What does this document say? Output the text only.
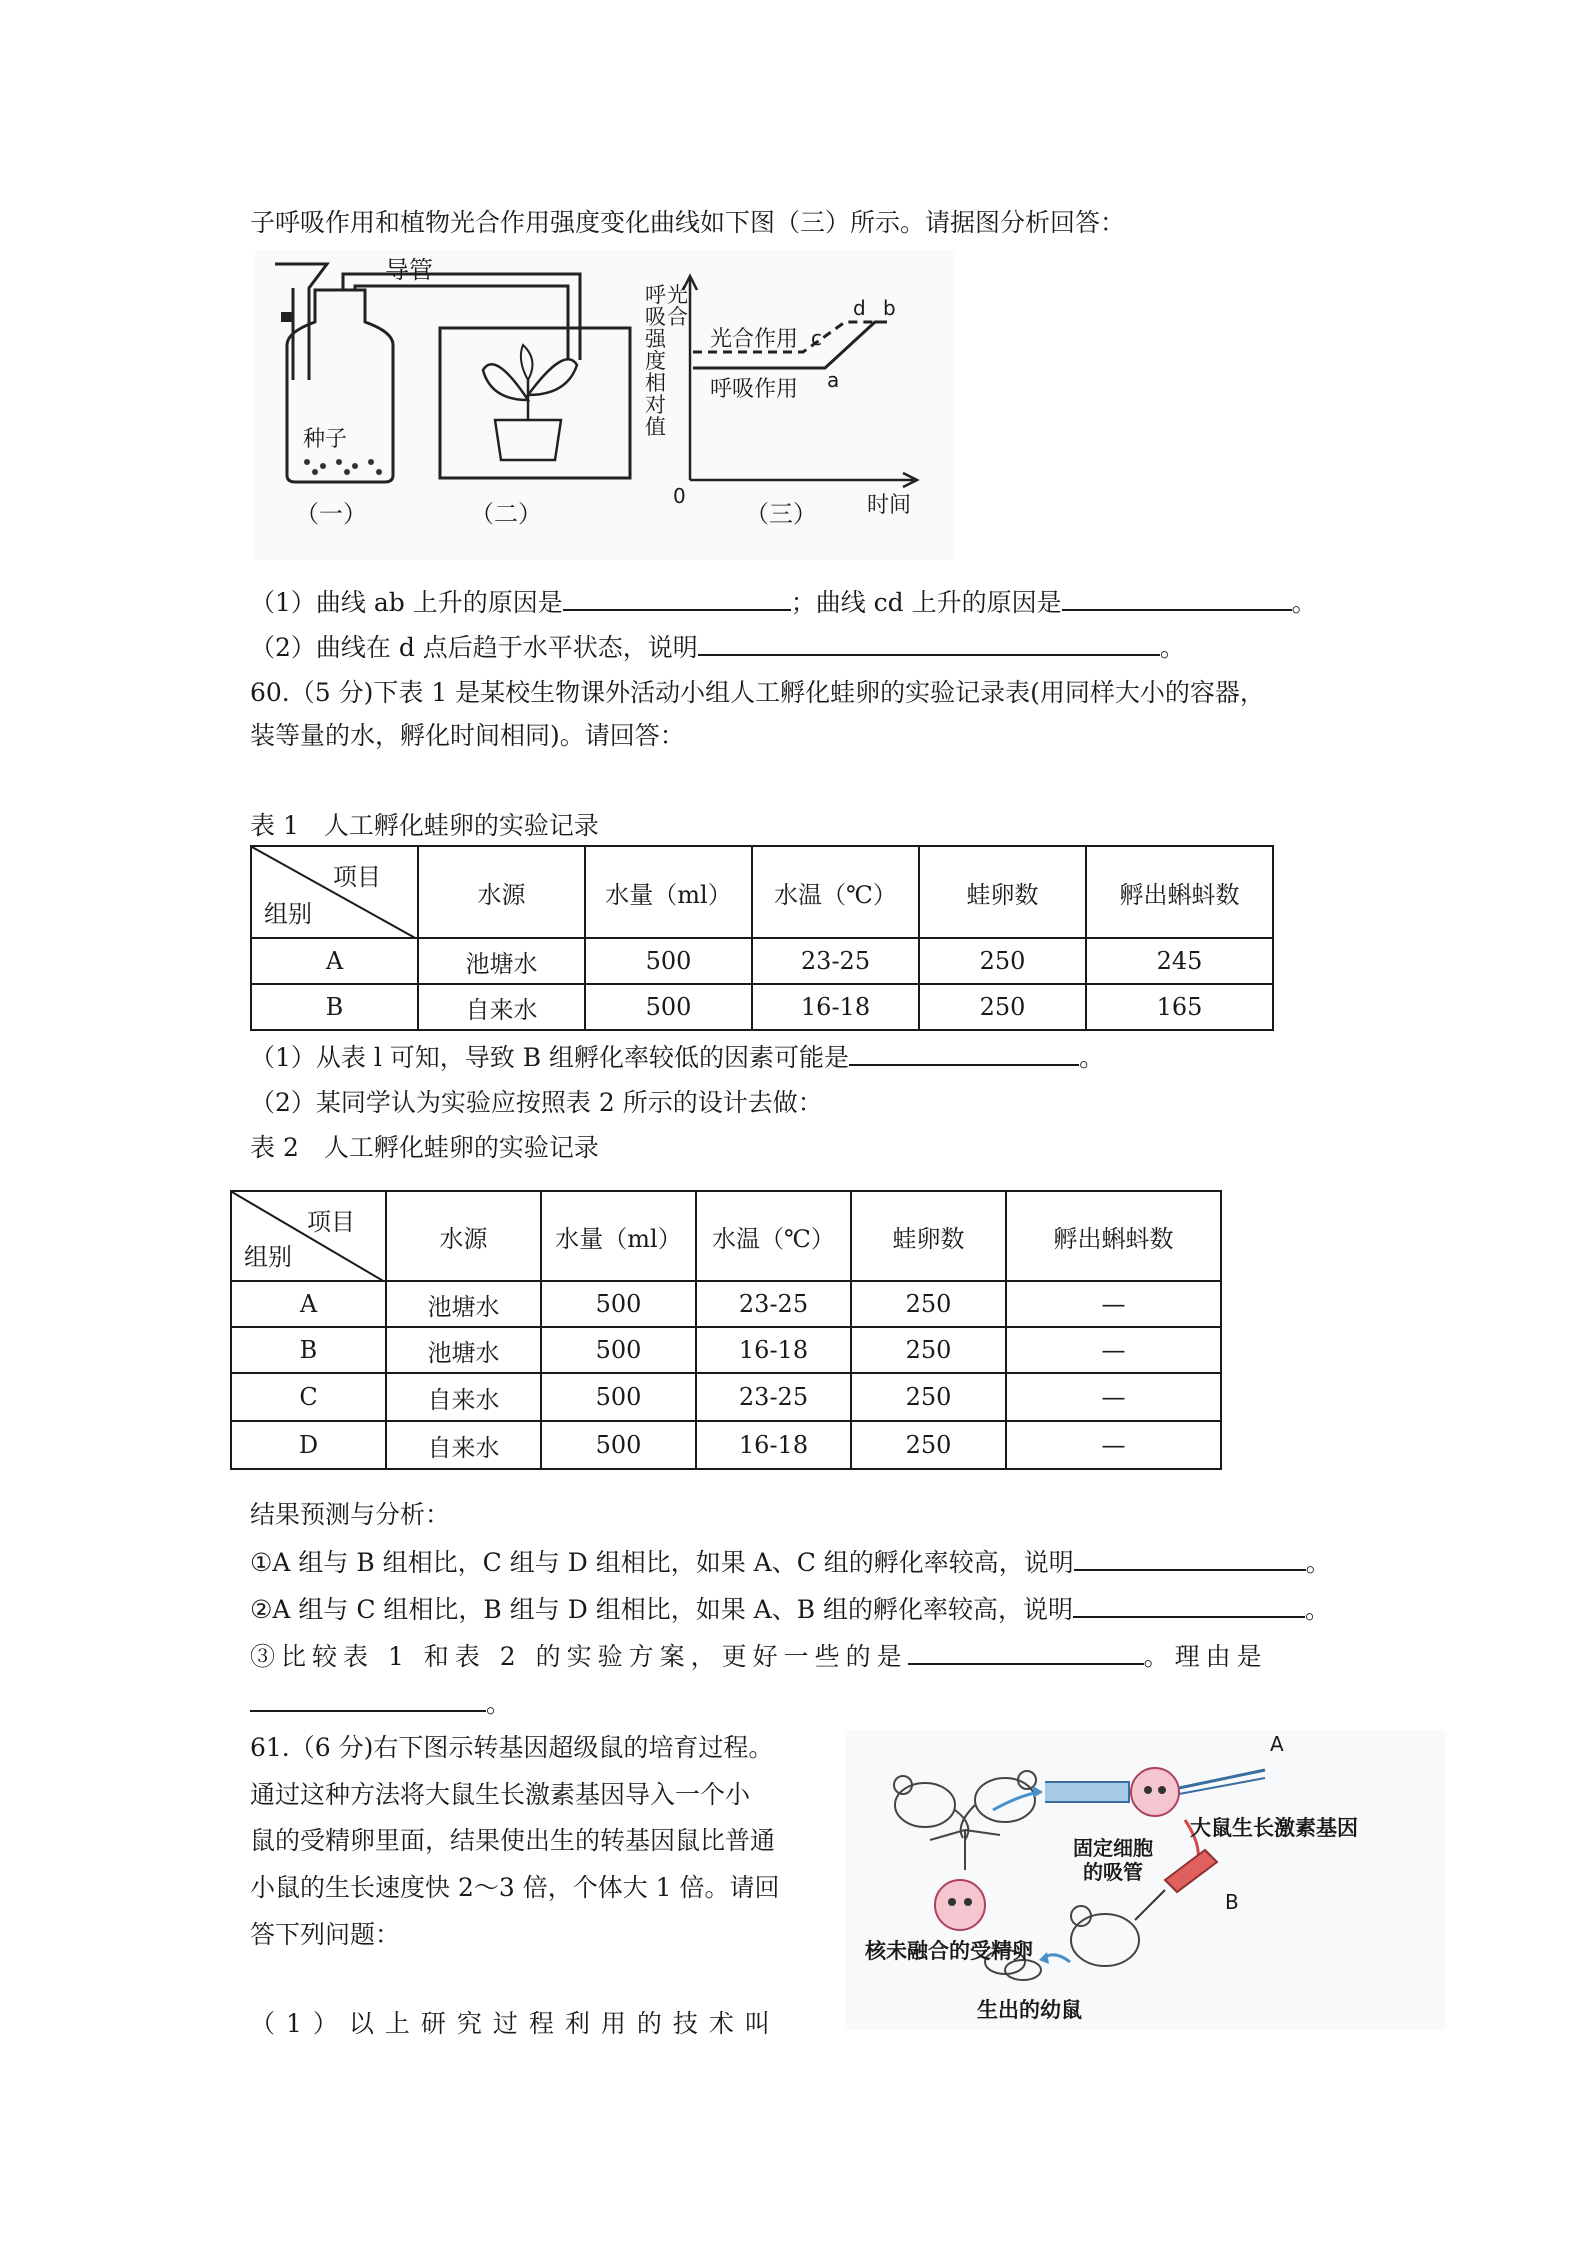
子呼吸作用和植物光合作用强度变化曲线如下图（三）所示。请据图分析回答：
导管
种子
（一）	（二）	（三）
呼
吸
强
度
相
对
值
光
合
0	时间
光合作用
呼吸作用 a
b
c
d
（1）曲线 ab 上升的原因是	；曲线 cd 上升的原因是	。
（2）曲线在 d 点后趋于水平状态，说明	。
60.（5 分)下表 1 是某校生物课外活动小组人工孵化蛙卵的实验记录表(用同样大小的容器，
装等量的水，孵化时间相同)。请回答：
表 1　人工孵化蛙卵的实验记录
项目
组别	水源	水量（ml）	水温（℃）	蛙卵数	孵出蝌蚪数
A	池塘水	500	23-25	250	245
B	自来水	500	16-18	250	165
（1）从表 l 可知，导致 B 组孵化率较低的因素可能是	。
（2）某同学认为实验应按照表 2 所示的设计去做：
表 2　人工孵化蛙卵的实验记录
项目
组别	水源	水量（ml）	水温（℃）	蛙卵数	孵出蝌蚪数
A	池塘水	500	23-25	250	—
B	池塘水	500	16-18	250	—
C	自来水	500	23-25	250	—
D	自来水	500	16-18	250	—
结果预测与分析：
①A 组与 B 组相比，C 组与 D 组相比，如果 A、C 组的孵化率较高，说明	。
②A 组与 C 组相比，B 组与 D 组相比，如果 A、B 组的孵化率较高，说明	。
③比较表 1 和表 2 的实验方案，更好一些的是	。理由是
。
61.（6 分)右下图示转基因超级鼠的培育过程。
通过这种方法将大鼠生长激素基因导入一个小
鼠的受精卵里面，结果使出生的转基因鼠比普通
小鼠的生长速度快 2～3 倍，个体大 1 倍。请回
答下列问题：
（1）以上研究过程利用的技术叫
A
B
大鼠生长激素基因
固定细胞
的吸管
核未融合的受精卵
生出的幼鼠
